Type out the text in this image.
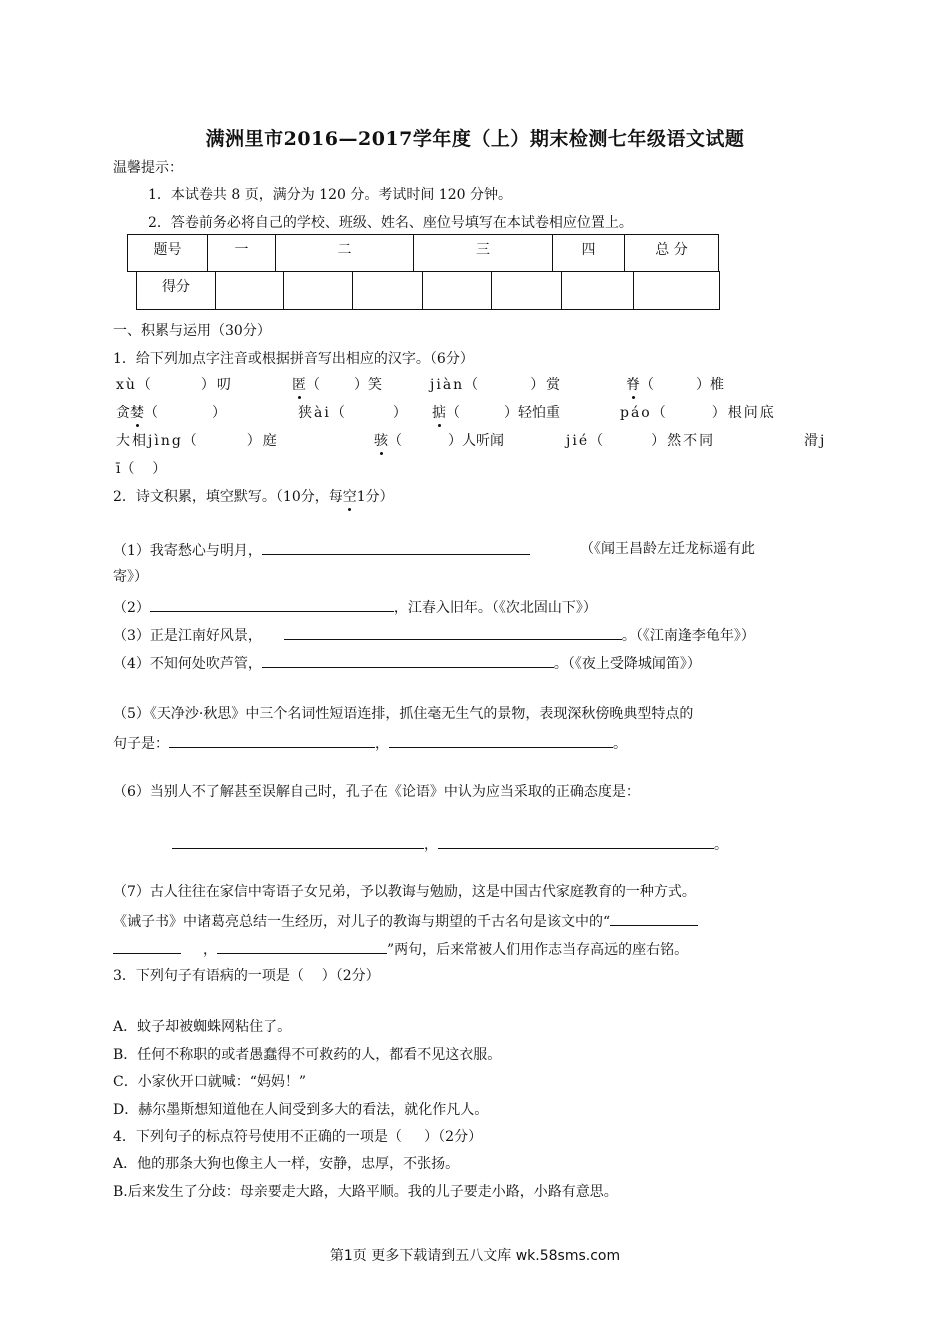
满洲里市2016—2017学年度（上）期末检测七年级语文试题
温馨提示：
1．本试卷共 8 页，满分为 120 分。考试时间 120 分钟。
2．答卷前务必将自己的学校、班级、姓名、座位号填写在本试卷相应位置上。
题号	一	二	三	四	总 分
得分
一、积累与运用（30分）
1．给下列加点字注音或根据拼音写出相应的汉字。（6分）
xù（	）叨	匿（ ）笑	jiàn（	）赏	脊（	）椎
贪婪（	）	狭ài（	） 掂（	）轻怕重	páo（	）根问底
大相jìng（	）庭	骇（	）人听闻	jié（	）然不同	滑j
ī（    ）
2．诗文积累，填空默写。（10分，每空1分）
（1）我寄愁心与明月，	（《闻王昌龄左迁龙标遥有此
寄》）
（2）	，江春入旧年。（《次北固山下》）
（3）正是江南好风景，	。（《江南逢李龟年》）
（4）不知何处吹芦管，	。（《夜上受降城闻笛》）
（5）《天净沙·秋思》中三个名词性短语连排，抓住毫无生气的景物，表现深秋傍晚典型特点的
句子是：	，	。
（6）当别人不了解甚至误解自己时，孔子在《论语》中认为应当采取的正确态度是：
，	。
（7）古人往往在家信中寄语子女兄弟，予以教诲与勉励，这是中国古代家庭教育的一种方式。
《诫子书》中诸葛亮总结一生经历，对儿子的教诲与期望的千古名句是该文中的“
，	”两句，后来常被人们用作志当存高远的座右铭。
3．下列句子有语病的一项是（    ）（2分）
A．蚊子却被蜘蛛网粘住了。
B．任何不称职的或者愚蠢得不可救药的人，都看不见这衣服。
C．小家伙开口就喊：“妈妈！”
D．赫尔墨斯想知道他在人间受到多大的看法，就化作凡人。
4．下列句子的标点符号使用不正确的一项是（     ）（2分）
A．他的那条大狗也像主人一样，安静，忠厚，不张扬。
B.后来发生了分歧：母亲要走大路，大路平顺。我的儿子要走小路，小路有意思。
第1页 更多下载请到五八文库 wk.58sms.com
